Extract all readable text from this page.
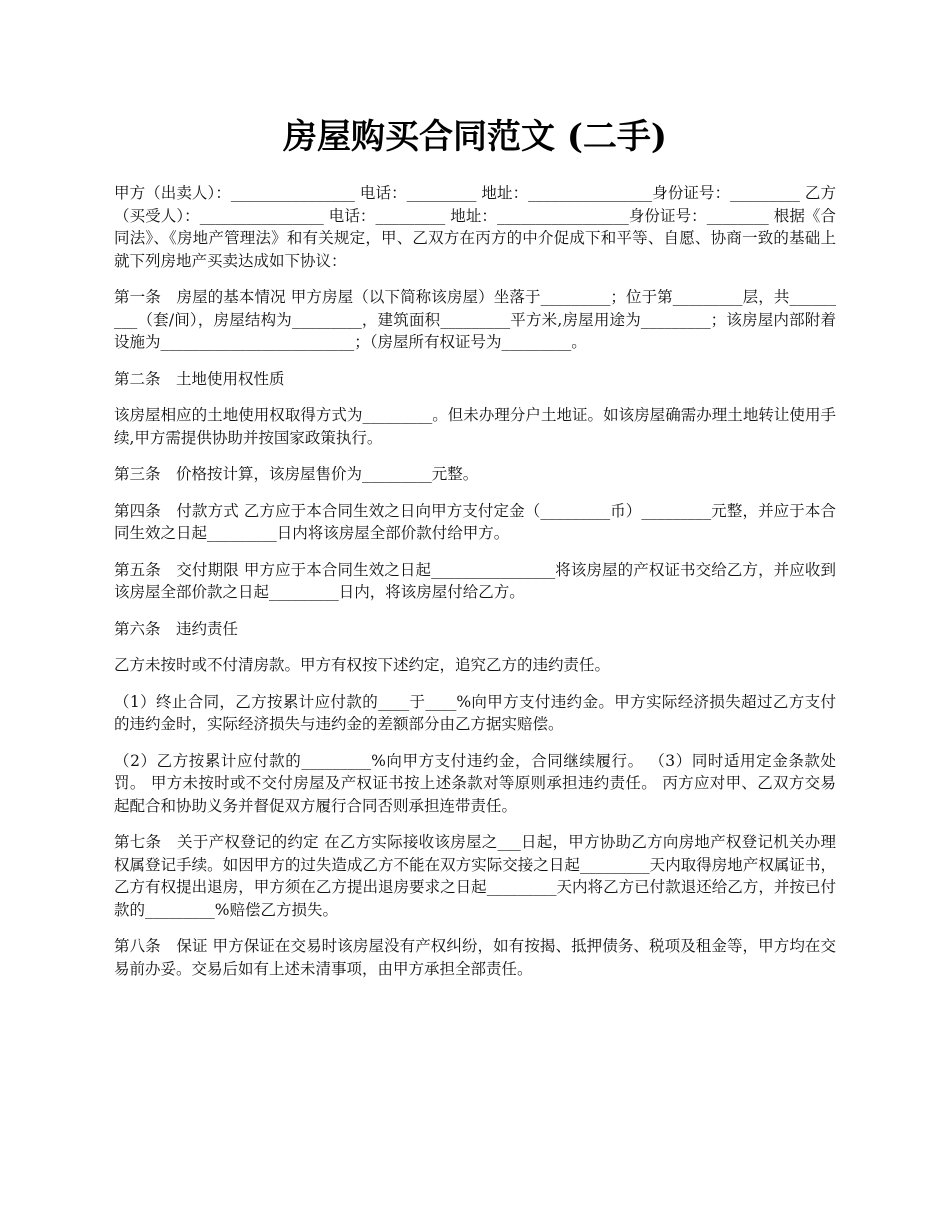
房屋购买合同范文 (二手)

甲方（出卖人）：________________ 电话：_________ 地址：________________身份证号：_________ 乙方（买受人）：________________ 电话：_________ 地址：_________________身份证号：________ 根据《合同法》、《房地产管理法》和有关规定，甲、乙双方在丙方的中介促成下和平等、自愿、协商一致的基础上就下列房地产买卖达成如下协议：

第一条　房屋的基本情况 甲方房屋（以下简称该房屋）坐落于_________；位于第_________层，共_________（套/间），房屋结构为_________，建筑面积_________平方米,房屋用途为_________；该房屋内部附着设施为_________________________；（房屋所有权证号为_________。

第二条　土地使用权性质

该房屋相应的土地使用权取得方式为_________。但未办理分户土地证。如该房屋确需办理土地转让使用手续,甲方需提供协助并按国家政策执行。

第三条　价格按计算，该房屋售价为_________元整。

第四条　付款方式 乙方应于本合同生效之日向甲方支付定金（_________币）_________元整，并应于本合同生效之日起_________日内将该房屋全部价款付给甲方。

第五条　交付期限 甲方应于本合同生效之日起________________将该房屋的产权证书交给乙方，并应收到该房屋全部价款之日起_________日内，将该房屋付给乙方。

第六条　违约责任

乙方未按时或不付清房款。甲方有权按下述约定，追究乙方的违约责任。

（1）终止合同，乙方按累计应付款的____于____%向甲方支付违约金。甲方实际经济损失超过乙方支付的违约金时，实际经济损失与违约金的差额部分由乙方据实赔偿。

（2）乙方按累计应付款的_________%向甲方支付违约金，合同继续履行。 （3）同时适用定金条款处罚。 甲方未按时或不交付房屋及产权证书按上述条款对等原则承担违约责任。 丙方应对甲、乙双方交易起配合和协助义务并督促双方履行合同否则承担连带责任。

第七条　关于产权登记的约定 在乙方实际接收该房屋之___日起，甲方协助乙方向房地产权登记机关办理权属登记手续。如因甲方的过失造成乙方不能在双方实际交接之日起_________天内取得房地产权属证书，乙方有权提出退房，甲方须在乙方提出退房要求之日起_________天内将乙方已付款退还给乙方，并按已付款的_________%赔偿乙方损失。

第八条　保证 甲方保证在交易时该房屋没有产权纠纷，如有按揭、抵押债务、税项及租金等，甲方均在交易前办妥。交易后如有上述未清事项，由甲方承担全部责任。
